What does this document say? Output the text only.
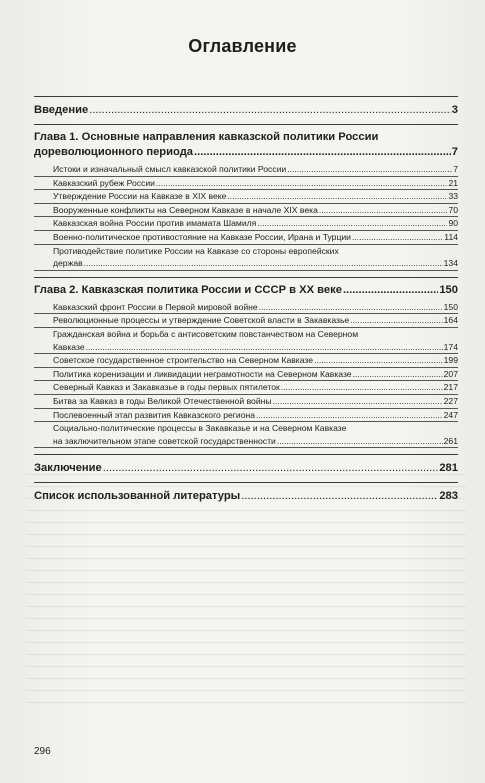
Оглавление
Введение .....	3
Глава 1. Основные направления кавказской политики России
дореволюционного периода .....	7
Истоки и изначальный смысл кавказской политики России .....	7
Кавказский рубеж России .....	21
Утверждение России на Кавказе в XIX веке .....	33
Вооруженные конфликты на Северном Кавказе в начале XIX века .....	70
Кавказская война России против имамата Шамиля .....	90
Военно-политическое противостояние на Кавказе России, Ирана и Турции .....	114
Противодействие политике России на Кавказе со стороны европейских
держав .....	134
Глава 2. Кавказская политика России и СССР в XX веке .....	150
Кавказский фронт России в Первой мировой войне .....	150
Революционные процессы и утверждение Советской власти в Закавказье .....	164
Гражданская война и борьба с антисоветским повстанчеством на Северном
Кавказе .....	174
Советское государственное строительство на Северном Кавказе .....	199
Политика коренизации и ликвидации неграмотности на Северном Кавказе .....	207
Северный Кавказ и Закавказье в годы первых пятилеток .....	217
Битва за Кавказ в годы Великой Отечественной войны .....	227
Послевоенный этап развития Кавказского региона .....	247
Социально-политические процессы в Закавказье и на Северном Кавказе
на заключительном этапе советской государственности .....	261
Заключение .....	281
Список использованной литературы .....	283
296
